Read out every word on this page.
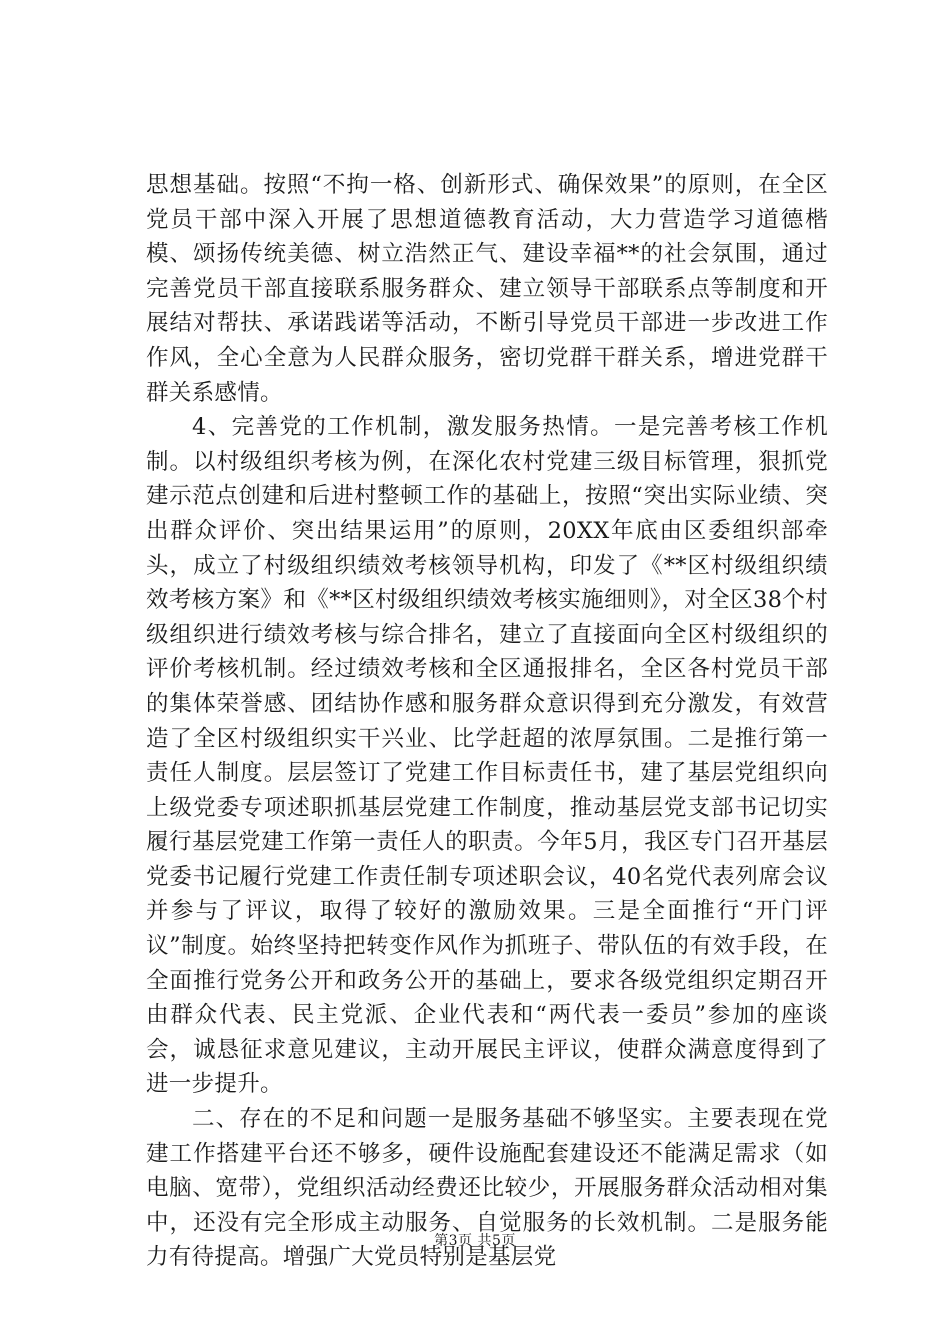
思想基础。按照“不拘一格、创新形式、确保效果”的原则，在全区党员干部中深入开展了思想道德教育活动，大力营造学习道德楷模、颂扬传统美德、树立浩然正气、建设幸福**的社会氛围，通过完善党员干部直接联系服务群众、建立领导干部联系点等制度和开展结对帮扶、承诺践诺等活动，不断引导党员干部进一步改进工作作风，全心全意为人民群众服务，密切党群干群关系，增进党群干群关系感情。

4、完善党的工作机制，激发服务热情。一是完善考核工作机制。以村级组织考核为例，在深化农村党建三级目标管理，狠抓党建示范点创建和后进村整顿工作的基础上，按照“突出实际业绩、突出群众评价、突出结果运用”的原则，20XX年底由区委组织部牵头，成立了村级组织绩效考核领导机构，印发了《**区村级组织绩效考核方案》和《**区村级组织绩效考核实施细则》，对全区38个村级组织进行绩效考核与综合排名，建立了直接面向全区村级组织的评价考核机制。经过绩效考核和全区通报排名，全区各村党员干部的集体荣誉感、团结协作感和服务群众意识得到充分激发，有效营造了全区村级组织实干兴业、比学赶超的浓厚氛围。二是推行第一责任人制度。层层签订了党建工作目标责任书，建了基层党组织向上级党委专项述职抓基层党建工作制度，推动基层党支部书记切实履行基层党建工作第一责任人的职责。今年5月，我区专门召开基层党委书记履行党建工作责任制专项述职会议，40名党代表列席会议并参与了评议，取得了较好的激励效果。三是全面推行“开门评议”制度。始终坚持把转变作风作为抓班子、带队伍的有效手段，在全面推行党务公开和政务公开的基础上，要求各级党组织定期召开由群众代表、民主党派、企业代表和“两代表一委员”参加的座谈会，诚恳征求意见建议，主动开展民主评议，使群众满意度得到了进一步提升。

二、存在的不足和问题一是服务基础不够坚实。主要表现在党建工作搭建平台还不够多，硬件设施配套建设还不能满足需求（如电脑、宽带），党组织活动经费还比较少，开展服务群众活动相对集中，还没有完全形成主动服务、自觉服务的长效机制。二是服务能力有待提高。增强广大党员特别是基层党

第3页 共5页
